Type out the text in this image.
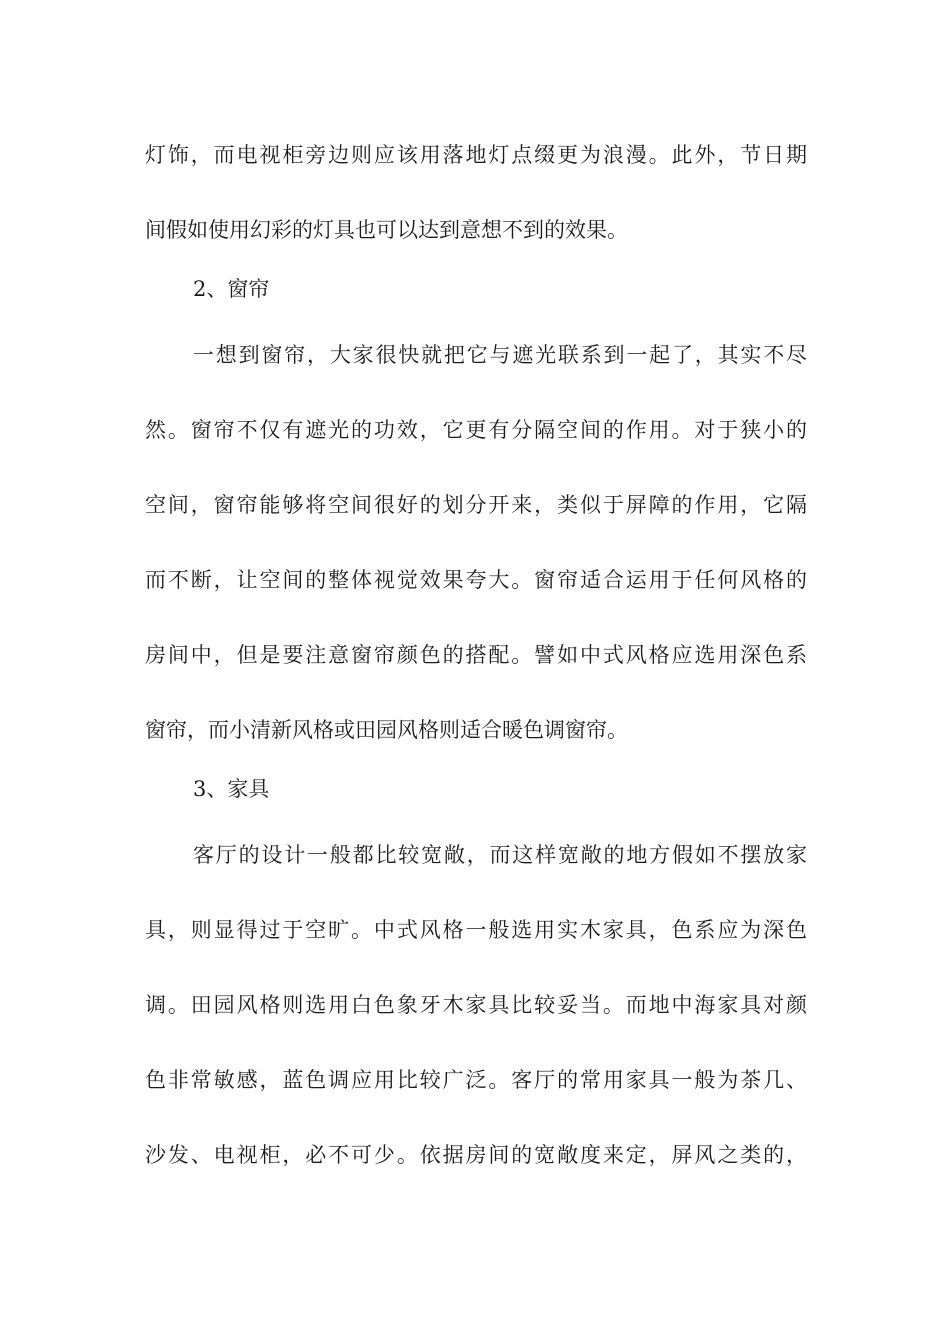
灯饰，而电视柜旁边则应该用落地灯点缀更为浪漫。此外，节日期
间假如使用幻彩的灯具也可以达到意想不到的效果。
2、窗帘
一想到窗帘，大家很快就把它与遮光联系到一起了，其实不尽
然。窗帘不仅有遮光的功效，它更有分隔空间的作用。对于狭小的
空间，窗帘能够将空间很好的划分开来，类似于屏障的作用，它隔
而不断，让空间的整体视觉效果夸大。窗帘适合运用于任何风格的
房间中，但是要注意窗帘颜色的搭配。譬如中式风格应选用深色系
窗帘，而小清新风格或田园风格则适合暖色调窗帘。
3、家具
客厅的设计一般都比较宽敞，而这样宽敞的地方假如不摆放家
具，则显得过于空旷。中式风格一般选用实木家具，色系应为深色
调。田园风格则选用白色象牙木家具比较妥当。而地中海家具对颜
色非常敏感，蓝色调应用比较广泛。客厅的常用家具一般为茶几、
沙发、电视柜，必不可少。依据房间的宽敞度来定，屏风之类的，
